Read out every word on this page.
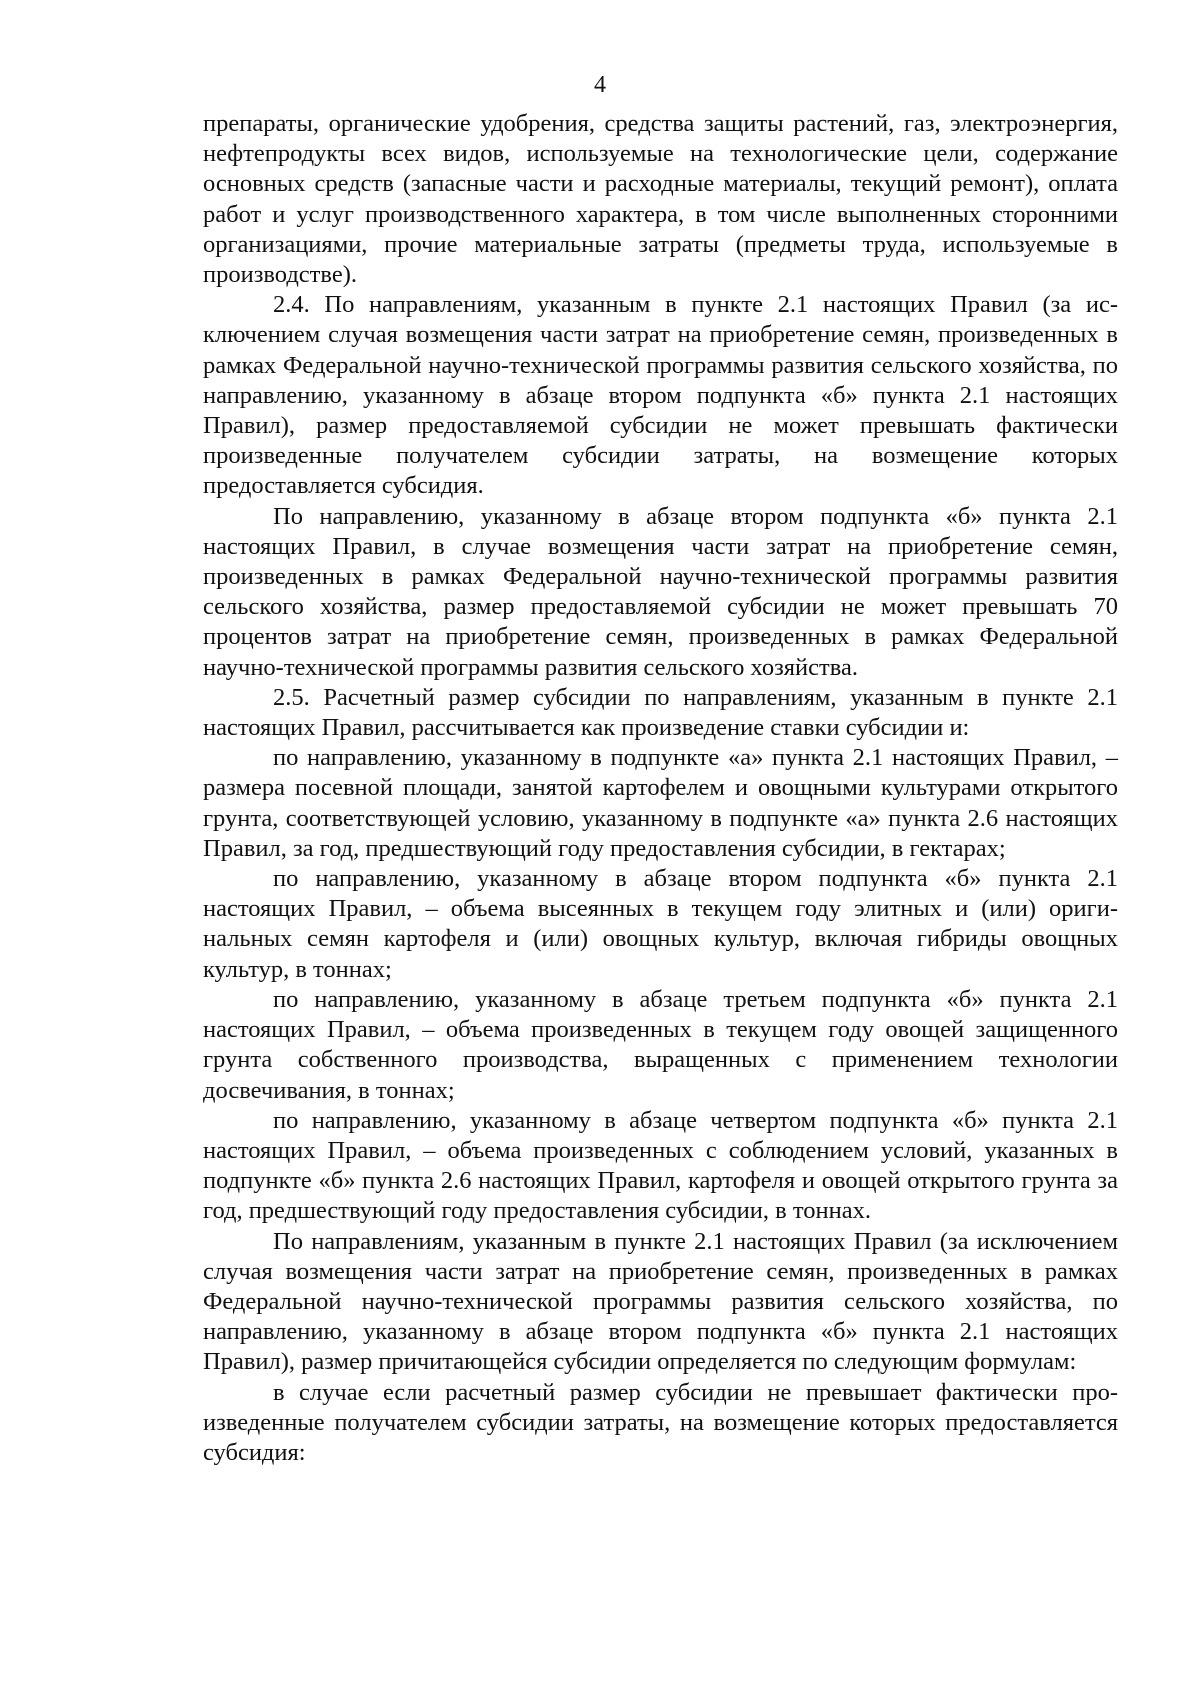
4

препараты, органические удобрения, средства защиты растений, газ, электроэнергия, нефтепродукты всех видов, используемые на технологические цели, содержание основных средств (запасные части и расходные материалы, текущий ремонт), оплата работ и услуг производственного характера, в том числе выполненных сторонними организациями, прочие материальные затраты (предметы труда, используемые в производстве).

2.4. По направлениям, указанным в пункте 2.1 настоящих Правил (за исключением случая возмещения части затрат на приобретение семян, произведенных в рамках Федеральной научно-технической программы развития сельского хозяйства, по направлению, указанному в абзаце втором подпункта «б» пункта 2.1 настоящих Правил), размер предоставляемой субсидии не может превышать фактически произведенные получателем субсидии затраты, на возмещение которых предоставляется субсидия.

По направлению, указанному в абзаце втором подпункта «б» пункта 2.1 настоящих Правил, в случае возмещения части затрат на приобретение семян, произведенных в рамках Федеральной научно-технической программы развития сельского хозяйства, размер предоставляемой субсидии не может превышать 70 процентов затрат на приобретение семян, произведенных в рамках Федеральной научно-технической программы развития сельского хозяйства.

2.5. Расчетный размер субсидии по направлениям, указанным в пункте 2.1 настоящих Правил, рассчитывается как произведение ставки субсидии и:

по направлению, указанному в подпункте «а» пункта 2.1 настоящих Правил, – размера посевной площади, занятой картофелем и овощными культурами открытого грунта, соответствующей условию, указанному в подпункте «а» пункта 2.6 настоящих Правил, за год, предшествующий году предоставления субсидии, в гектарах;

по направлению, указанному в абзаце втором подпункта «б» пункта 2.1 настоящих Правил, – объема высеянных в текущем году элитных и (или) оригинальных семян картофеля и (или) овощных культур, включая гибриды овощных культур, в тоннах;

по направлению, указанному в абзаце третьем подпункта «б» пункта 2.1 настоящих Правил, – объема произведенных в текущем году овощей защищенного грунта собственного производства, выращенных с применением технологии досвечивания, в тоннах;

по направлению, указанному в абзаце четвертом подпункта «б» пункта 2.1 настоящих Правил, – объема произведенных с соблюдением условий, указанных в подпункте «б» пункта 2.6 настоящих Правил, картофеля и овощей открытого грунта за год, предшествующий году предоставления субсидии, в тоннах.

По направлениям, указанным в пункте 2.1 настоящих Правил (за исключением случая возмещения части затрат на приобретение семян, произведенных в рамках Федеральной научно-технической программы развития сельского хозяйства, по направлению, указанному в абзаце втором подпункта «б» пункта 2.1 настоящих Правил), размер причитающейся субсидии определяется по следующим формулам:

в случае если расчетный размер субсидии не превышает фактически произведенные получателем субсидии затраты, на возмещение которых предоставляется субсидия:
